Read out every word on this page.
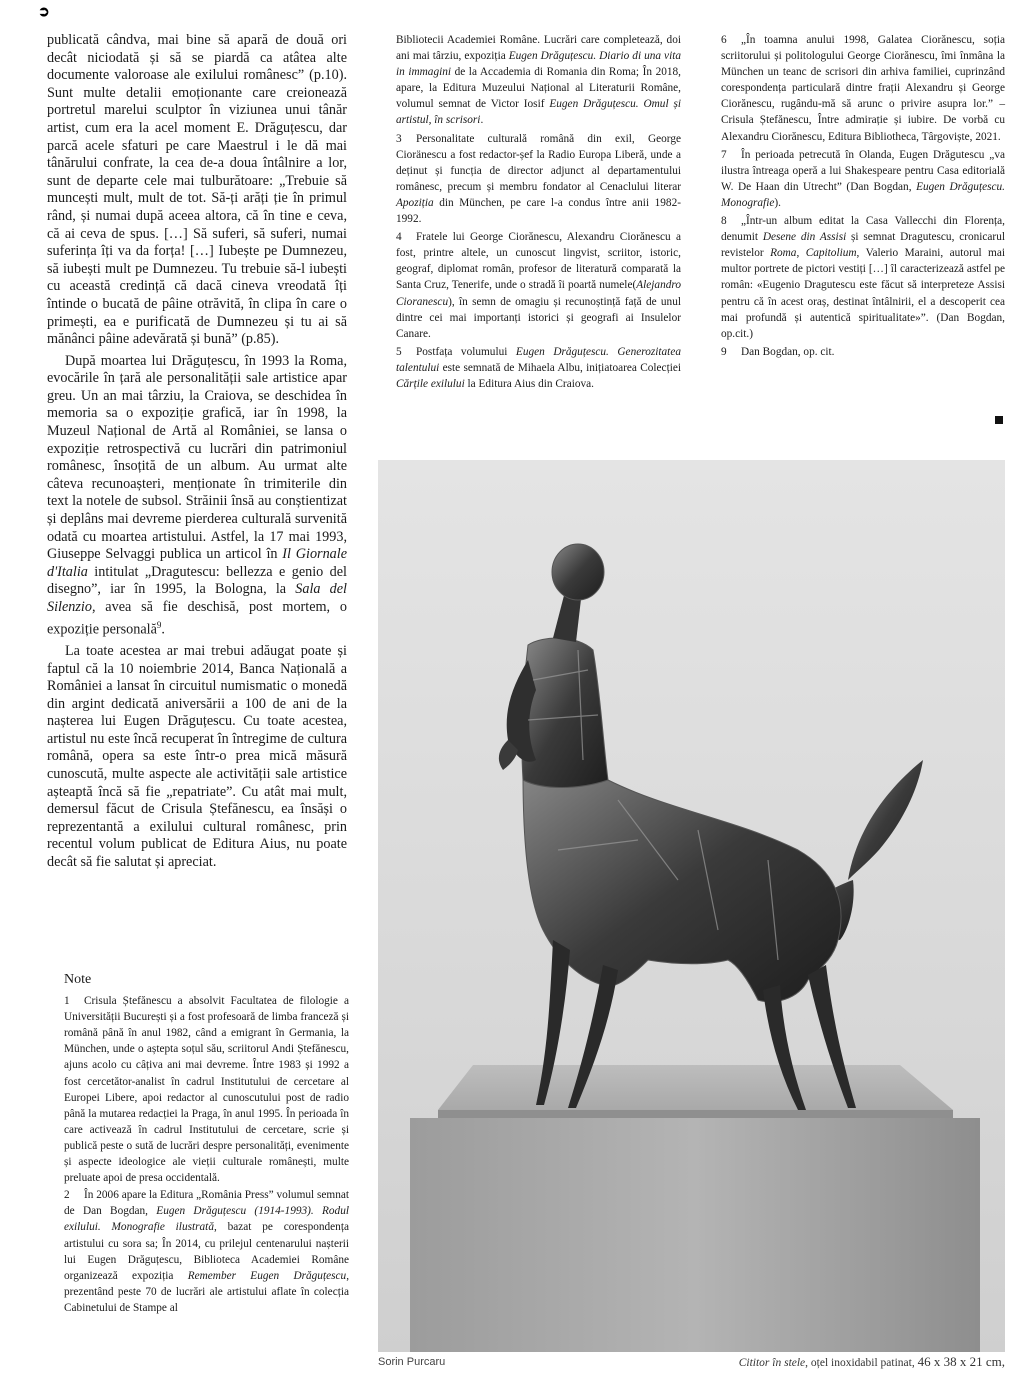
➲

publicată cândva, mai bine să apară de două ori decât niciodată și să se piardă ca atâtea alte documente valoroase ale exilului românesc” (p.10). Sunt multe detalii emoționante care creionează portretul marelui sculptor în viziunea unui tânăr artist, cum era la acel moment E. Drăguțescu, dar parcă acele sfaturi pe care Maestrul i le dă mai tânărului confrate, la cea de-a doua întâlnire a lor, sunt de departe cele mai tulburătoare: „Trebuie să muncești mult, mult de tot. Să-ți arăți ție în primul rând, și numai după aceea altora, că în tine e ceva, că ai ceva de spus. […] Să suferi, să suferi, numai suferința îți va da forța! […] Iubește pe Dumnezeu, să iubești mult pe Dumnezeu. Tu trebuie să-l iubești cu această credință că dacă cineva vreodată îți întinde o bucată de pâine otrăvită, în clipa în care o primești, ea e purificată de Dumnezeu și tu ai să mănânci pâine adevărată și bună” (p.85).

După moartea lui Drăguțescu, în 1993 la Roma, evocările în țară ale personalității sale artistice apar greu. Un an mai târziu, la Craiova, se deschidea în memoria sa o expoziție grafică, iar în 1998, la Muzeul Național de Artă al României, se lansa o expoziție retrospectivă cu lucrări din patrimoniul românesc, însoțită de un album. Au urmat alte câteva recunoașteri, menționate în trimiterile din text la notele de subsol. Străinii însă au conștientizat și deplâns mai devreme pierderea culturală survenită odată cu moartea artistului. Astfel, la 17 mai 1993, Giuseppe Selvaggi publica un articol în Il Giornale d'Italia intitulat „Dragutescu: bellezza e genio del disegno”, iar în 1995, la Bologna, la Sala del Silenzio, avea să fie deschisă, post mortem, o expoziție personală$^9$.

La toate acestea ar mai trebui adăugat poate și faptul că la 10 noiembrie 2014, Banca Națională a României a lansat în circuitul numismatic o monedă din argint dedicată aniversării a 100 de ani de la nașterea lui Eugen Drăguțescu. Cu toate acestea, artistul nu este încă recuperat în întregime de cultura română, opera sa este într-o prea mică măsură cunoscută, multe aspecte ale activității sale artistice așteaptă încă să fie „repatriate”. Cu atât mai mult, demersul făcut de Crisula Ștefănescu, ea însăși o reprezentantă a exilului cultural românesc, prin recentul volum publicat de Editura Aius, nu poate decât să fie salutat și apreciat.

Note
1 Crisula Ștefănescu a absolvit Facultatea de filologie a Universității București și a fost profesoară de limba franceză și română până în anul 1982, când a emigrant în Germania, la München, unde o aștepta soțul său, scriitorul Andi Ștefănescu, ajuns acolo cu câțiva ani mai devreme. Între 1983 și 1992 a fost cercetător-analist în cadrul Institutului de cercetare al Europei Libere, apoi redactor al cunoscutului post de radio până la mutarea redacției la Praga, în anul 1995. În perioada în care activează în cadrul Institutului de cercetare, scrie și publică peste o sută de lucrări despre personalități, evenimente și aspecte ideologice ale vieții culturale românești, multe preluate apoi de presa occidentală.
2 În 2006 apare la Editura „România Press” volumul semnat de Dan Bogdan, Eugen Drăguțescu (1914-1993). Rodul exilului. Monografie ilustrată, bazat pe corespondența artistului cu sora sa; În 2014, cu prilejul centenarului nașterii lui Eugen Drăguțescu, Biblioteca Academiei Române organizează expoziția Remember Eugen Drăguțescu, prezentând peste 70 de lucrări ale artistului aflate în colecția Cabinetului de Stampe al
Bibliotecii Academiei Române. Lucrări care completează, doi ani mai târziu, expoziția Eugen Drăguțescu. Diario di una vita in immagini de la Accademia di Romania din Roma; În 2018, apare, la Editura Muzeului Național al Literaturii Române, volumul semnat de Victor Iosif Eugen Drăguțescu. Omul și artistul, în scrisori.
3 Personalitate culturală română din exil, George Cioränescu a fost redactor-șef la Radio Europa Liberă, unde a deținut și funcția de director adjunct al departamentului românesc, precum și membru fondator al Cenaclului literar Apoziția din München, pe care l-a condus între anii 1982-1992.
4 Fratele lui George Ciorănescu, Alexandru Ciorănescu a fost, printre altele, un cunoscut lingvist, scriitor, istoric, geograf, diplomat român, profesor de literatură comparată la Santa Cruz, Tenerife, unde o stradă îi poartă numele(Alejandro Cioranescu), în semn de omagiu și recunoștință față de unul dintre cei mai importanți istorici și geografi ai Insulelor Canare.
5 Postfața volumului Eugen Drăguțescu. Generozitatea talentului este semnată de Mihaela Albu, inițiatoarea Colecției Cărțile exilului la Editura Aius din Craiova.
6 „În toamna anului 1998, Galatea Ciorănescu, soția scriitorului și politologului George Ciorănescu, îmi înmâna la München un teanc de scrisori din arhiva familiei, cuprinzând corespondența particulară dintre frații Alexandru și George Ciorănescu, rugându-mă să arunc o privire asupra lor.” – Crisula Ștefănescu, Între admirație și iubire. De vorbă cu Alexandru Ciorănescu, Editura Bibliotheca, Târgoviște, 2021.
7 În perioada petrecută în Olanda, Eugen Drăgutescu „va ilustra întreaga operă a lui Shakespeare pentru Casa editorială W. De Haan din Utrecht” (Dan Bogdan, Eugen Drăguțescu. Monografie).
8 „Într-un album editat la Casa Vallecchi din Florența, denumit Desene din Assisi și semnat Dragutescu, cronicarul revistelor Roma, Capitolium, Valerio Maraini, autorul mai multor portrete de pictori vestiți […] îl caracterizează astfel pe român: «Eugenio Dragutescu este făcut să interpreteze Assisi pentru că în acest oraș, destinat întâlnirii, el a descoperit cea mai profundă și autentică spiritualitate»”. (Dan Bogdan, op.cit.)
9 Dan Bogdan, op. cit.
Sorin Purcaru	Cititor în stele, oțel inoxidabil patinat, 46 x 38 x 21 cm,
